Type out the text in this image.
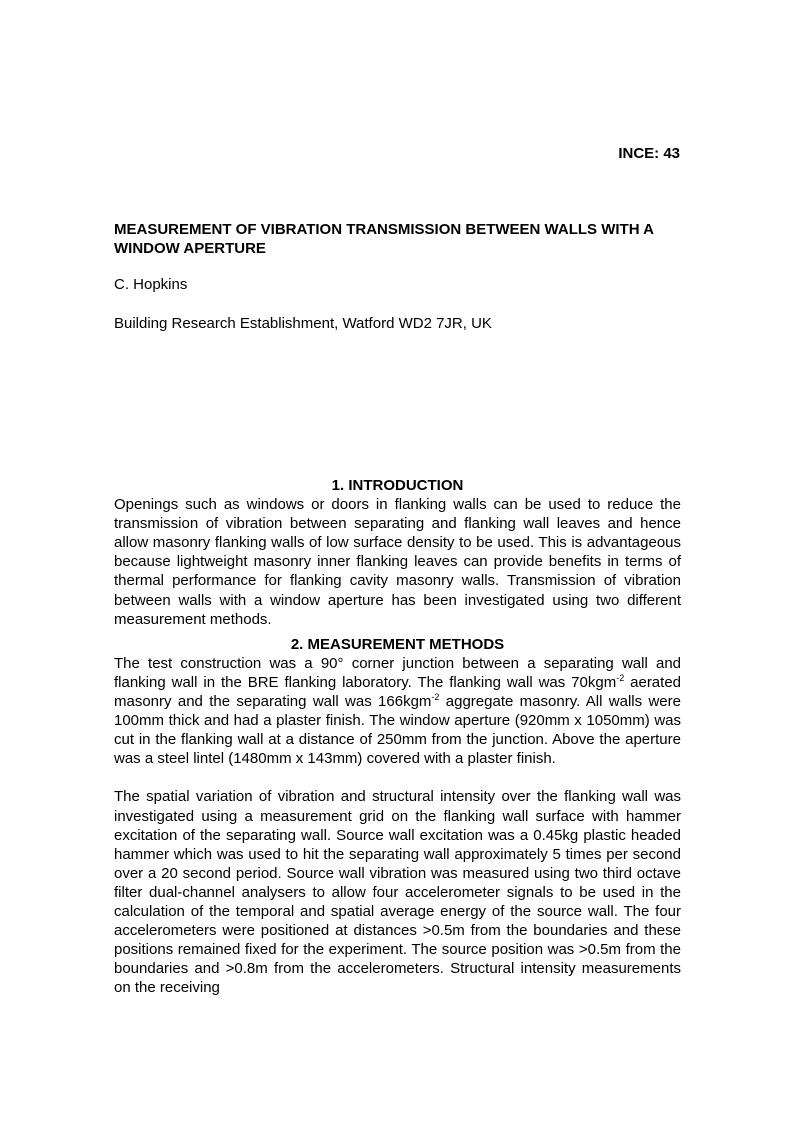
INCE: 43
MEASUREMENT OF VIBRATION TRANSMISSION BETWEEN WALLS WITH A WINDOW APERTURE
C. Hopkins
Building Research Establishment, Watford WD2 7JR, UK

1. INTRODUCTION

Openings such as windows or doors in flanking walls can be used to reduce the transmission of vibration between separating and flanking wall leaves and hence allow masonry flanking walls of low surface density to be used. This is advantageous because lightweight masonry inner flanking leaves can provide benefits in terms of thermal performance for flanking cavity masonry walls. Transmission of vibration between walls with a window aperture has been investigated using two different measurement methods.

2. MEASUREMENT METHODS

The test construction was a 90° corner junction between a separating wall and flanking wall in the BRE flanking laboratory. The flanking wall was 70kgm$^{-2}$ aerated masonry and the separating wall was 166kgm$^{-2}$ aggregate masonry. All walls were 100mm thick and had a plaster finish. The window aperture (920mm x 1050mm) was cut in the flanking wall at a distance of 250mm from the junction. Above the aperture was a steel lintel (1480mm x 143mm) covered with a plaster finish.

The spatial variation of vibration and structural intensity over the flanking wall was investigated using a measurement grid on the flanking wall surface with hammer excitation of the separating wall. Source wall excitation was a 0.45kg plastic headed hammer which was used to hit the separating wall approximately 5 times per second over a 20 second period. Source wall vibration was measured using two third octave filter dual-channel analysers to allow four accelerometer signals to be used in the calculation of the temporal and spatial average energy of the source wall. The four accelerometers were positioned at distances >0.5m from the boundaries and these positions remained fixed for the experiment. The source position was >0.5m from the boundaries and >0.8m from the accelerometers. Structural intensity measurements on the receiving
